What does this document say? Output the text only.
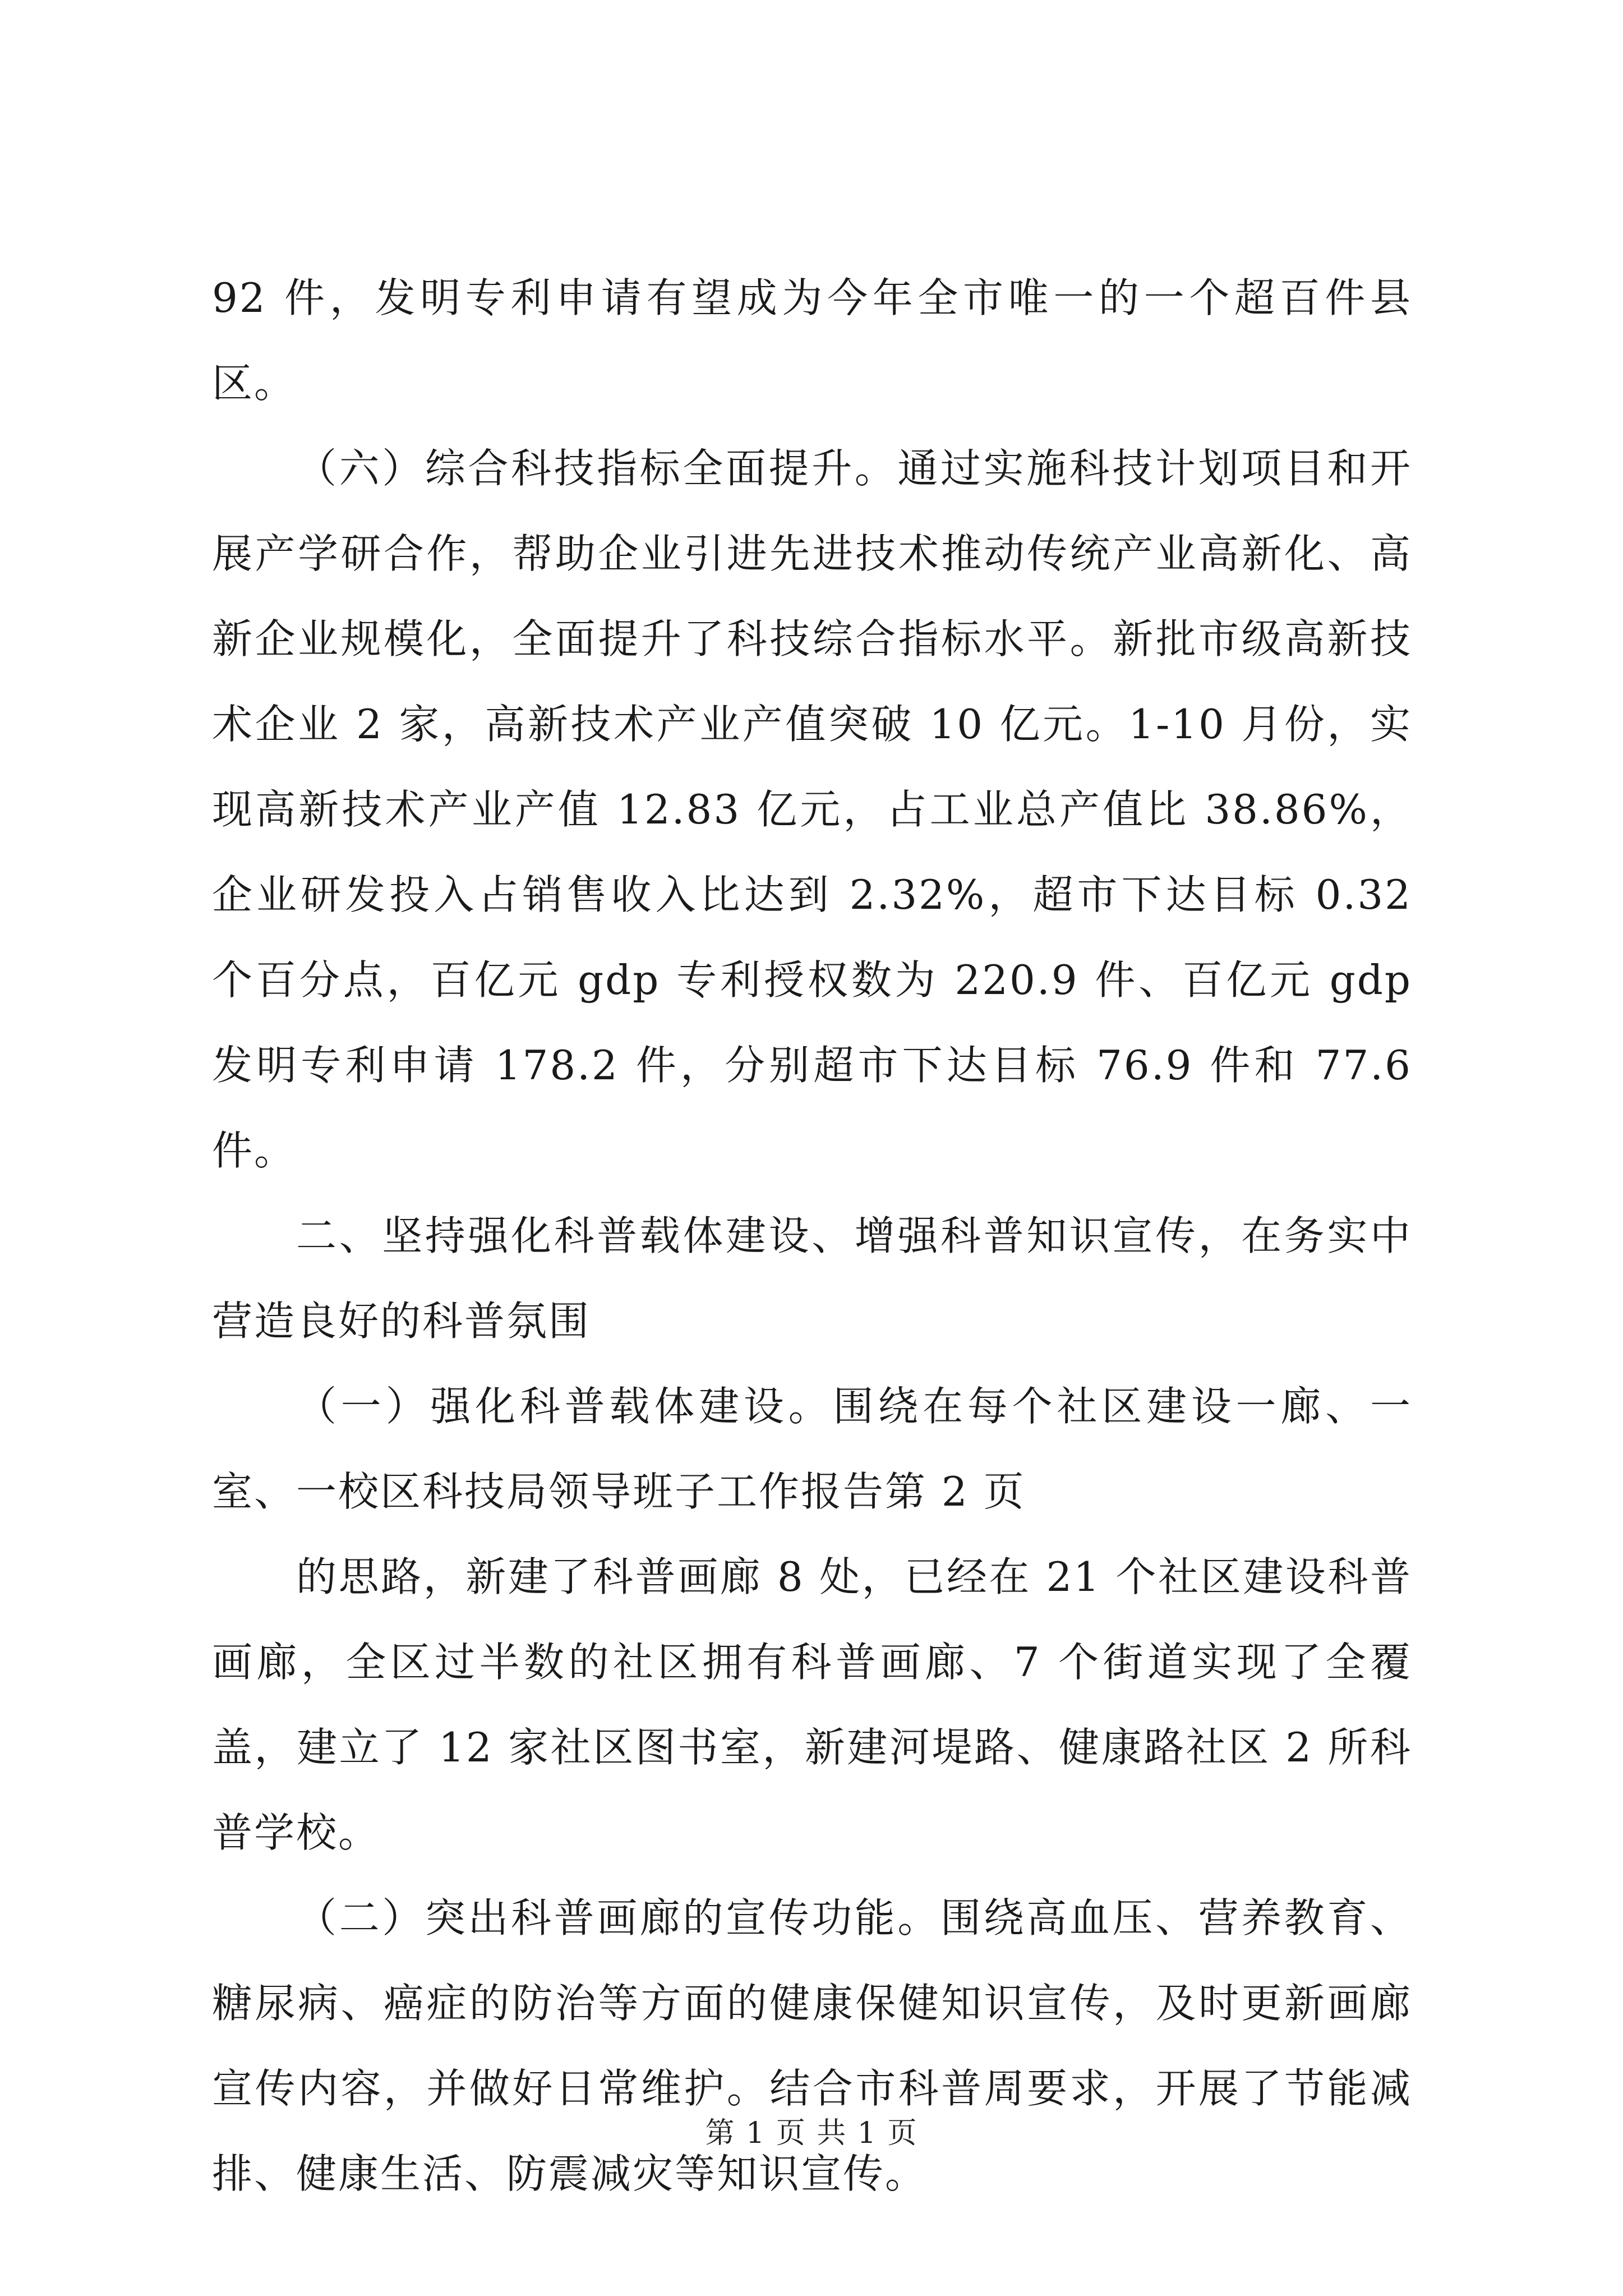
92 件，发明专利申请有望成为今年全市唯一的一个超百件县区。

（六）综合科技指标全面提升。通过实施科技计划项目和开展产学研合作，帮助企业引进先进技术推动传统产业高新化、高新企业规模化，全面提升了科技综合指标水平。新批市级高新技术企业 2 家，高新技术产业产值突破 10 亿元。1-10 月份，实现高新技术产业产值 12.83 亿元，占工业总产值比 38.86%，企业研发投入占销售收入比达到 2.32%，超市下达目标 0.32 个百分点，百亿元 gdp 专利授权数为 220.9 件、百亿元 gdp 发明专利申请 178.2 件，分别超市下达目标 76.9 件和 77.6 件。

二、坚持强化科普载体建设、增强科普知识宣传，在务实中营造良好的科普氛围

（一）强化科普载体建设。围绕在每个社区建设一廊、一室、一校区科技局领导班子工作报告第 2 页

的思路，新建了科普画廊 8 处，已经在 21 个社区建设科普画廊，全区过半数的社区拥有科普画廊、7 个街道实现了全覆盖，建立了 12 家社区图书室，新建河堤路、健康路社区 2 所科普学校。

（二）突出科普画廊的宣传功能。围绕高血压、营养教育、糖尿病、癌症的防治等方面的健康保健知识宣传，及时更新画廊宣传内容，并做好日常维护。结合市科普周要求，开展了节能减排、健康生活、防震减灾等知识宣传。

第 1 页 共 1 页
